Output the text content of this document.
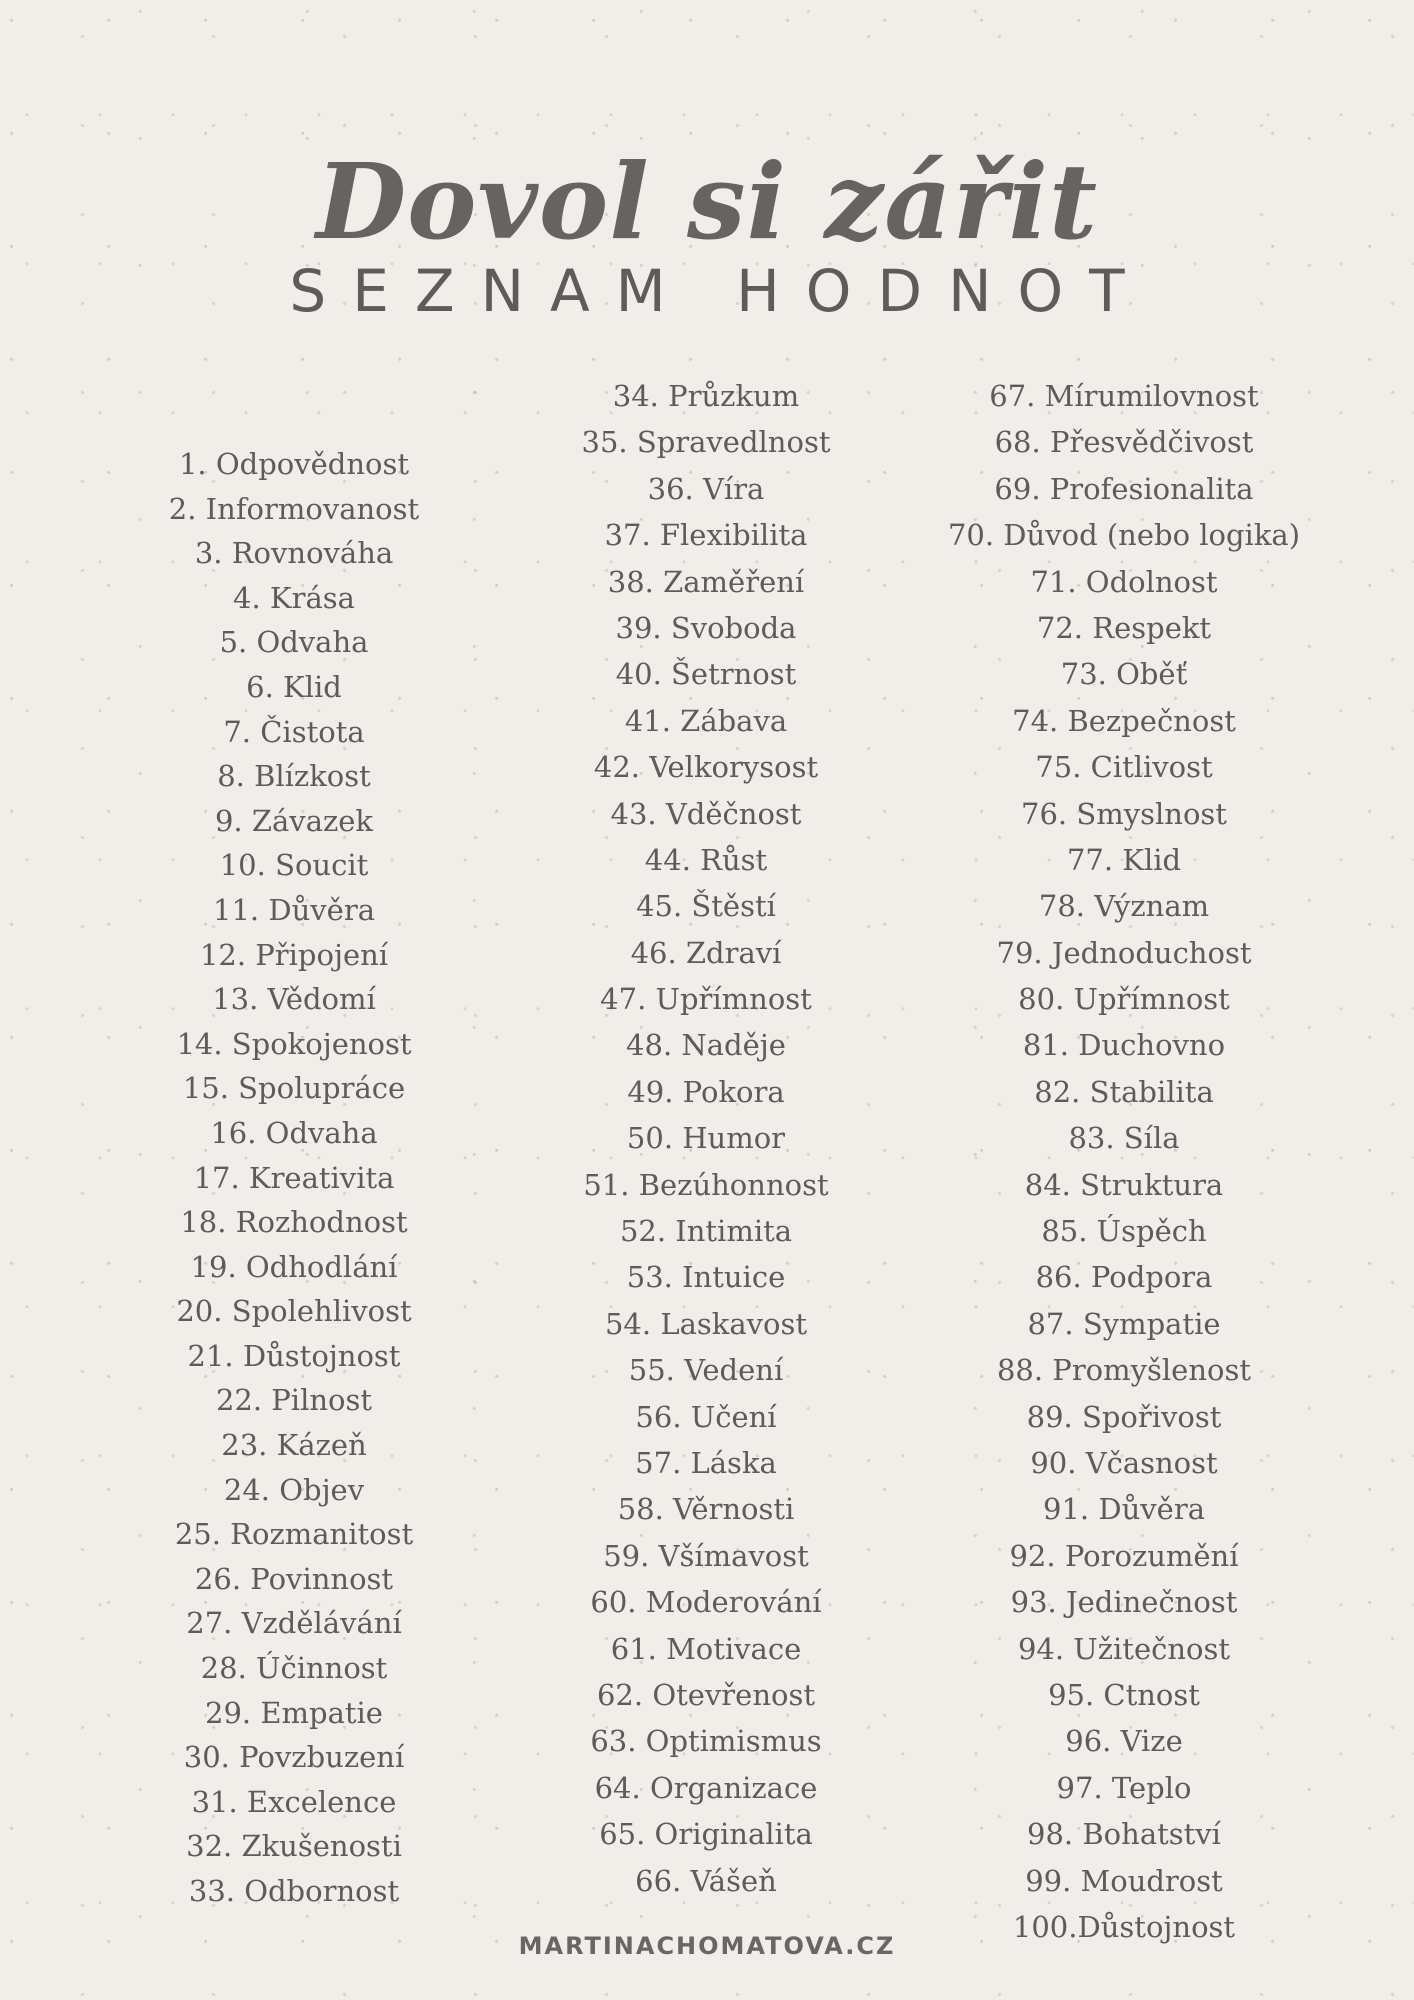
Dovol si zářit
SEZNAM HODNOT
1. Odpovědnost
2. Informovanost
3. Rovnováha
4. Krása
5. Odvaha
6. Klid
7. Čistota
8. Blízkost
9. Závazek
10. Soucit
11. Důvěra
12. Připojení
13. Vědomí
14. Spokojenost
15. Spolupráce
16. Odvaha
17. Kreativita
18. Rozhodnost
19. Odhodlání
20. Spolehlivost
21. Důstojnost
22. Pilnost
23. Kázeň
24. Objev
25. Rozmanitost
26. Povinnost
27. Vzdělávání
28. Účinnost
29. Empatie
30. Povzbuzení
31. Excelence
32. Zkušenosti
33. Odbornost
34. Průzkum
35. Spravedlnost
36. Víra
37. Flexibilita
38. Zaměření
39. Svoboda
40. Šetrnost
41. Zábava
42. Velkorysost
43. Vděčnost
44. Růst
45. Štěstí
46. Zdraví
47. Upřímnost
48. Naděje
49. Pokora
50. Humor
51. Bezúhonnost
52. Intimita
53. Intuice
54. Laskavost
55. Vedení
56. Učení
57. Láska
58. Věrnosti
59. Všímavost
60. Moderování
61. Motivace
62. Otevřenost
63. Optimismus
64. Organizace
65. Originalita
66. Vášeň
67. Mírumilovnost
68. Přesvědčivost
69. Profesionalita
70. Důvod (nebo logika)
71. Odolnost
72. Respekt
73. Oběť
74. Bezpečnost
75. Citlivost
76. Smyslnost
77. Klid
78. Význam
79. Jednoduchost
80. Upřímnost
81. Duchovno
82. Stabilita
83. Síla
84. Struktura
85. Úspěch
86. Podpora
87. Sympatie
88. Promyšlenost
89. Spořivost
90. Včasnost
91. Důvěra
92. Porozumění
93. Jedinečnost
94. Užitečnost
95. Ctnost
96. Vize
97. Teplo
98. Bohatství
99. Moudrost
100.Důstojnost
MARTINACHOMATOVA.CZ
